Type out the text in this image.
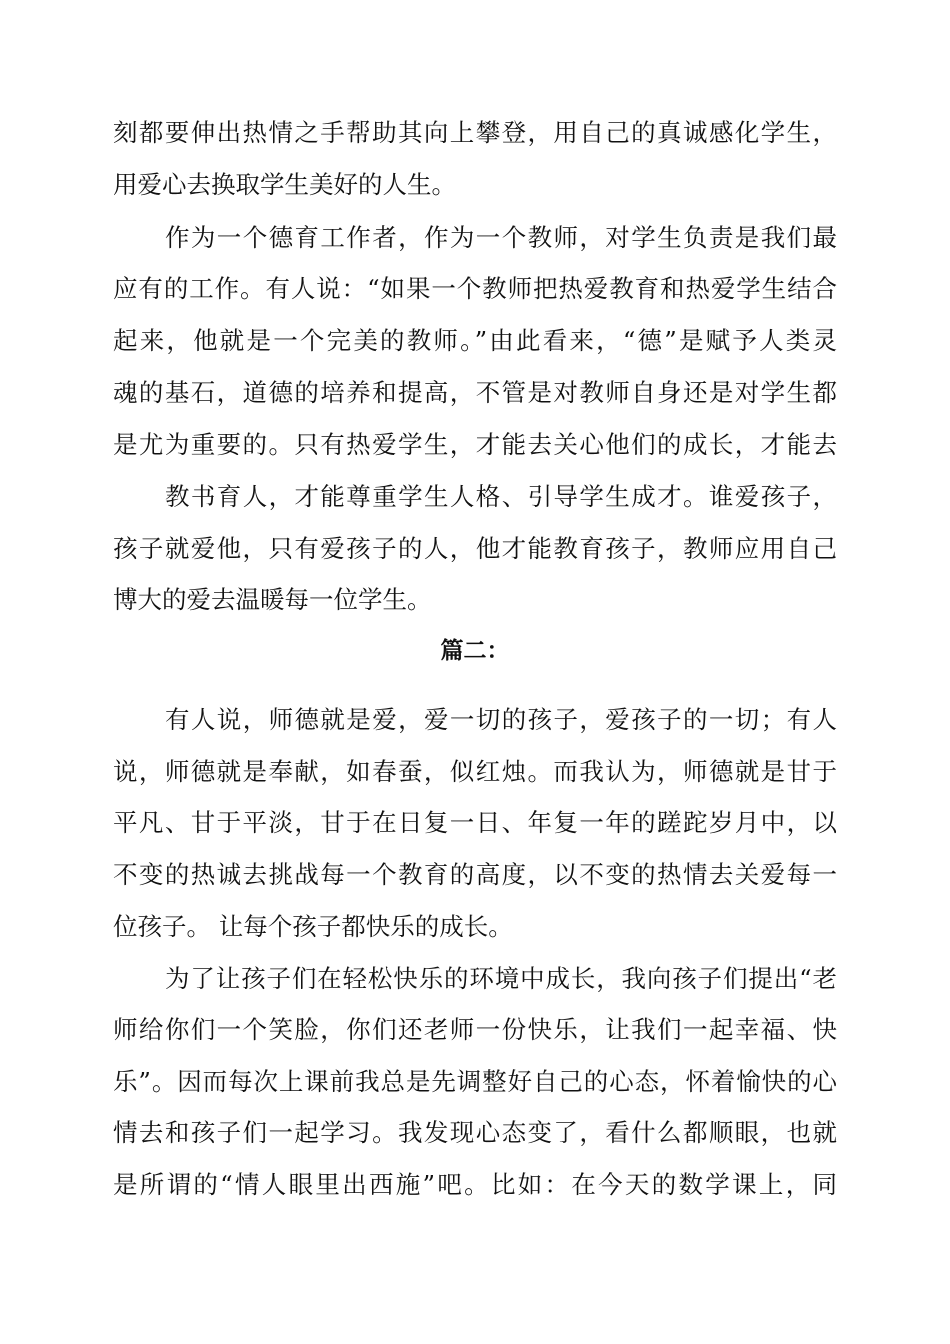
刻都要伸出热情之手帮助其向上攀登，用自己的真诚感化学生，
用爱心去换取学生美好的人生。
作为一个德育工作者，作为一个教师，对学生负责是我们最
应有的工作。有人说：“如果一个教师把热爱教育和热爱学生结合
起来，他就是一个完美的教师。”由此看来，“德”是赋予人类灵
魂的基石，道德的培养和提高，不管是对教师自身还是对学生都
是尤为重要的。只有热爱学生，才能去关心他们的成长，才能去
教书育人，才能尊重学生人格、引导学生成才。谁爱孩子，
孩子就爱他，只有爱孩子的人，他才能教育孩子，教师应用自己
博大的爱去温暖每一位学生。
篇二：
有人说，师德就是爱，爱一切的孩子，爱孩子的一切；有人
说，师德就是奉献，如春蚕，似红烛。而我认为，师德就是甘于
平凡、甘于平淡，甘于在日复一日、年复一年的蹉跎岁月中，以
不变的热诚去挑战每一个教育的高度，以不变的热情去关爱每一
位孩子。 让每个孩子都快乐的成长。
为了让孩子们在轻松快乐的环境中成长，我向孩子们提出“老
师给你们一个笑脸，你们还老师一份快乐，让我们一起幸福、快
乐”。因而每次上课前我总是先调整好自己的心态，怀着愉快的心
情去和孩子们一起学习。我发现心态变了，看什么都顺眼，也就
是所谓的“情人眼里出西施”吧。比如：在今天的数学课上，同
